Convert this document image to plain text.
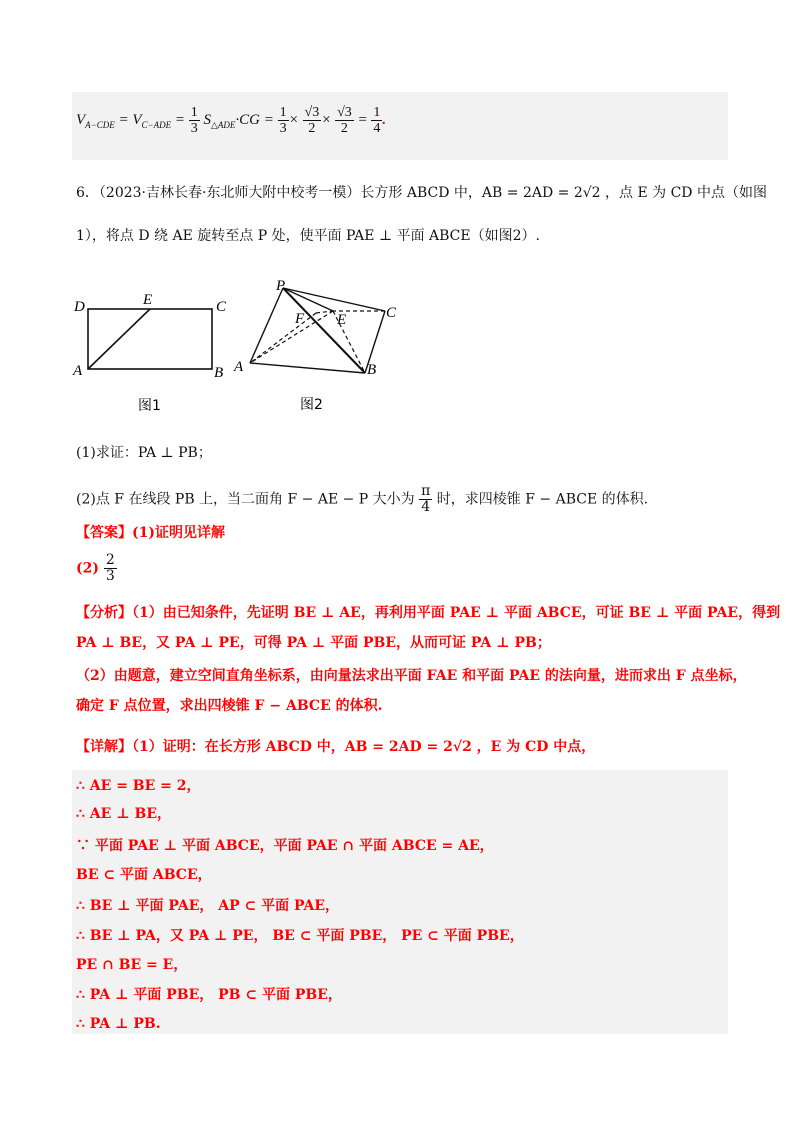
$V_{A-CDE} = V_{C-ADE} = \frac{1}{3} S_{\triangle ADE}\cdot CG = \frac{1}{3} \times \frac{√3}{2} \times \frac{√3}{2} = \frac{1}{4}$ .
6．（2023·吉林长春·东北师大附中校考一模）长方形 ABCD 中，AB = 2AD = 2√2 ，点 E 为 CD 中点（如图
1），将点 D 绕 AE 旋转至点 P 处，使平面 PAE ⊥ 平面 ABCE（如图2）.
D	E	C
A	B
图1
P
F E	C
A	B
图2
(1)求证：PA ⊥ PB；
(2)点 F 在线段 PB 上，当二面角 F − AE − P 大小为 $\frac{\pi}{4}$ 时，求四棱锥 F − ABCE 的体积.
【答案】(1)证明见详解
$(2) \frac{2}{3}$
【分析】（1）由已知条件，先证明 BE ⊥ AE，再利用平面 PAE ⊥ 平面 ABCE，可证 BE ⊥ 平面 PAE，得到
PA ⊥ BE，又 PA ⊥ PE，可得 PA ⊥ 平面 PBE，从而可证 PA ⊥ PB；
（2）由题意，建立空间直角坐标系，由向量法求出平面 FAE 和平面 PAE 的法向量，进而求出 F 点坐标，
确定 F 点位置，求出四棱锥 F − ABCE 的体积.
【详解】（1）证明：在长方形 ABCD 中，AB = 2AD = 2√2 ，E 为 CD 中点，
∴ AE = BE = 2，
∴ AE ⊥ BE，
∵ 平面 PAE ⊥ 平面 ABCE，平面 PAE ∩ 平面 ABCE = AE，
BE ⊂ 平面 ABCE，
∴ BE ⊥ 平面 PAE， AP ⊂ 平面 PAE，
∴ BE ⊥ PA，又 PA ⊥ PE， BE ⊂ 平面 PBE， PE ⊂ 平面 PBE，
PE ∩ BE = E，
∴ PA ⊥ 平面 PBE， PB ⊂ 平面 PBE，
∴ PA ⊥ PB.
